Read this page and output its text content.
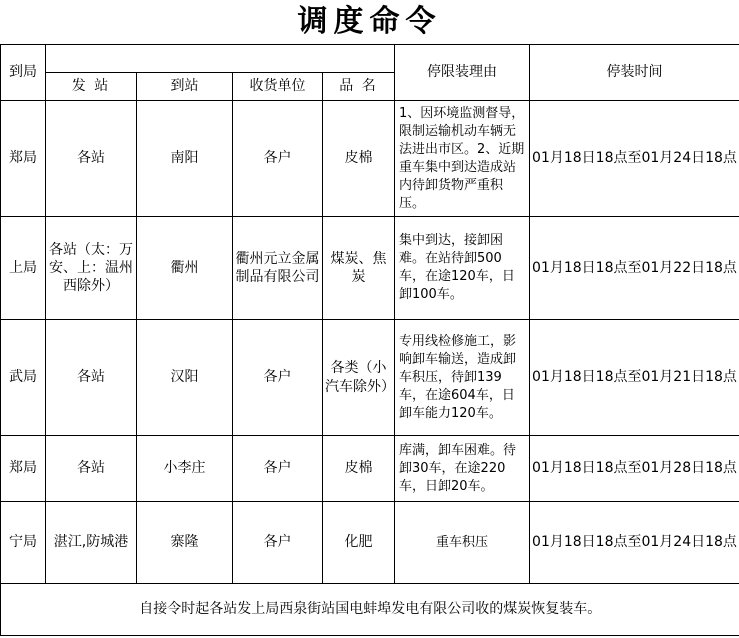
调度命令
到局					停限装理由	停装时间
	发 站	到站	收货单位	品 名		
郑局	各站	南阳	各户	皮棉	1、因环境监测督导，限制运输机动车辆无法进出市区。2、近期重车集中到达造成站内待卸货物严重积压。	01月18日18点至01月24日18点
上局	各站（太：万安、上：温州西除外）	衢州	衢州元立金属制品有限公司	煤炭、焦炭	集中到达，接卸困难。在站待卸500车，在途120车，日卸100车。	01月18日18点至01月22日18点
武局	各站	汉阳	各户	各类（小汽车除外）	专用线检修施工，影响卸车输送，造成卸车积压，待卸139车，在途604车，日卸车能力120车。	01月18日18点至01月21日18点
郑局	各站	小李庄	各户	皮棉	库满，卸车困难。待卸30车，在途220车，日卸20车。	01月18日18点至01月28日18点
宁局	湛江,防城港	寨隆	各户	化肥	重车积压	01月18日18点至01月24日18点
自接令时起各站发上局西泉街站国电蚌埠发电有限公司收的煤炭恢复装车。						
